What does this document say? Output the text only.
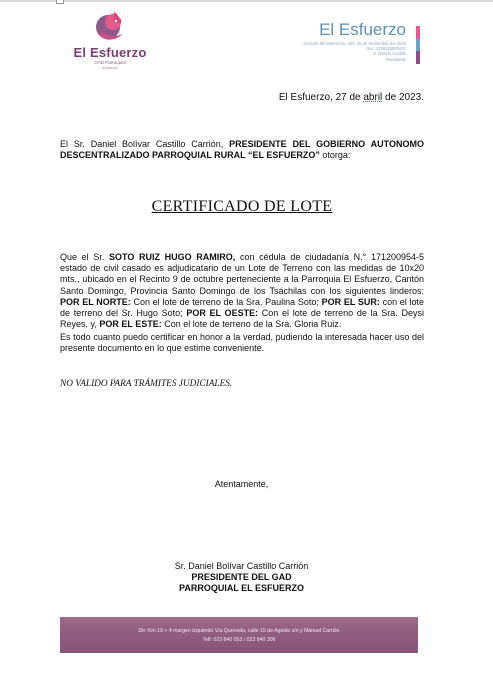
El Esfuerzo
GAD Parroquial
Esfuerzo
El Esfuerzo
Acuerdo Ministerial No. 350, 15 de Noviembre del 2023
Ruc: 1768118820001
S. Bolívar Castillo
Presidente
El Esfuerzo, 27 de abril de 2023.
El Sr. Daniel Bolívar Castillo Carrión, PRESIDENTE DEL GOBIERNO AUTONOMO DESCENTRALIZADO PARROQUIAL RURAL “EL ESFUERZO” otorga:
CERTIFICADO DE LOTE
Que el Sr. SOTO RUIZ HUGO RAMIRO, con cédula de ciudadanía N.° 171200954-5 estado de civil casado es adjudicatario de un Lote de Terreno con las medidas de 10x20 mts., ubicado en el Recinto 9 de octubre perteneciente a la Parroquia El Esfuerzo, Cantón Santo Domingo, Provincia Santo Domingo de los Tsáchilas con los siguientes linderos: POR EL NORTE: Con el lote de terreno de la Sra. Paulina Soto; POR EL SUR: con el lote de terreno del Sr. Hugo Soto; POR EL OESTE: Con el lote de terreno de la Sra. Deysi Reyes. y, POR EL ESTE: Con el lote de terreno de la Sra. Gloria Ruiz.
Es todo cuanto puedo certificar en honor a la verdad, pudiendo la interesada hacer uso del presente documento en lo que estime conveniente.
NO VALIDO PARA TRÁMITES JUDICIALES.
Atentamente,
Sr. Daniel Bolívar Castillo Carrión
PRESIDENTE DEL GAD
PARROQUIAL EL ESFUERZO
Dir: Km 19 + 4 margen izquierdo Vía Quevedo, calle 15 de Agosto s/n y Manuel Carrión
Telf: 023 840 053 / 023 840 306
